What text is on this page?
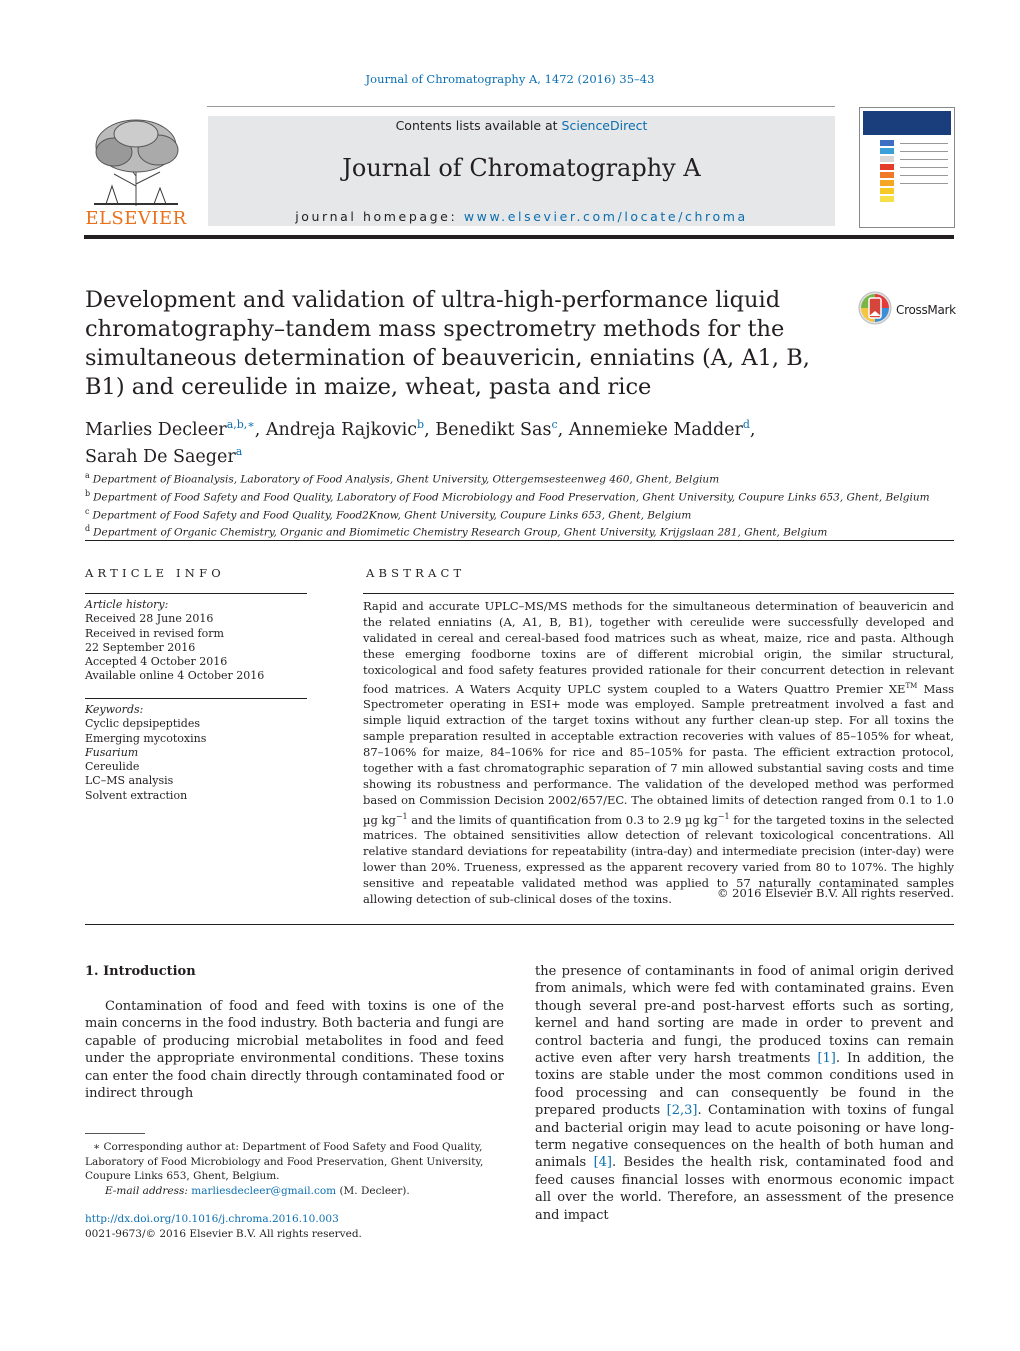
Journal of Chromatography A, 1472 (2016) 35–43
ELSEVIER
Contents lists available at ScienceDirect
Journal of Chromatography A
journal homepage: www.elsevier.com/locate/chroma
Development and validation of ultra-high-performance liquid chromatography–tandem mass spectrometry methods for the simultaneous determination of beauvericin, enniatins (A, A1, B, B1) and cereulide in maize, wheat, pasta and rice
CrossMark
Marlies Decleer$^{a,b,∗}$, Andreja Rajkovic$^b$, Benedikt Sas$^c$, Annemieke Madder$^d$,
Sarah De Saeger$^a$
$^a$ Department of Bioanalysis, Laboratory of Food Analysis, Ghent University, Ottergemsesteenweg 460, Ghent, Belgium
$^b$ Department of Food Safety and Food Quality, Laboratory of Food Microbiology and Food Preservation, Ghent University, Coupure Links 653, Ghent, Belgium
$^c$ Department of Food Safety and Food Quality, Food2Know, Ghent University, Coupure Links 653, Ghent, Belgium
$^d$ Department of Organic Chemistry, Organic and Biomimetic Chemistry Research Group, Ghent University, Krijgslaan 281, Ghent, Belgium
ARTICLE INFO
Article history:
Received 28 June 2016
Received in revised form
22 September 2016
Accepted 4 October 2016
Available online 4 October 2016
Keywords:
Cyclic depsipeptides
Emerging mycotoxins
Fusarium
Cereulide
LC–MS analysis
Solvent extraction
ABSTRACT
Rapid and accurate UPLC–MS/MS methods for the simultaneous determination of beauvericin and the related enniatins (A, A1, B, B1), together with cereulide were successfully developed and validated in cereal and cereal-based food matrices such as wheat, maize, rice and pasta. Although these emerging foodborne toxins are of different microbial origin, the similar structural, toxicological and food safety features provided rationale for their concurrent detection in relevant food matrices. A Waters Acquity UPLC system coupled to a Waters Quattro Premier XE™ Mass Spectrometer operating in ESI+ mode was employed. Sample pretreatment involved a fast and simple liquid extraction of the target toxins without any further clean-up step. For all toxins the sample preparation resulted in acceptable extraction recoveries with values of 85–105% for wheat, 87–106% for maize, 84–106% for rice and 85–105% for pasta. The efficient extraction protocol, together with a fast chromatographic separation of 7 min allowed substantial saving costs and time showing its robustness and performance. The validation of the developed method was performed based on Commission Decision 2002/657/EC. The obtained limits of detection ranged from 0.1 to 1.0 µg $kg^{-1}$ and the limits of quantification from 0.3 to 2.9 µg $kg^{-1}$ for the targeted toxins in the selected matrices. The obtained sensitivities allow detection of relevant toxicological concentrations. All relative standard deviations for repeatability (intra-day) and intermediate precision (inter-day) were lower than 20%. Trueness, expressed as the apparent recovery varied from 80 to 107%. The highly sensitive and repeatable validated method was applied to 57 naturally contaminated samples allowing detection of sub-clinical doses of the toxins.	© 2016 Elsevier B.V. All rights reserved.
1. Introduction
Contamination of food and feed with toxins is one of the main concerns in the food industry. Both bacteria and fungi are capable of producing microbial metabolites in food and feed under the appropriate environmental conditions. These toxins can enter the food chain directly through contaminated food or indirect through
the presence of contaminants in food of animal origin derived from animals, which were fed with contaminated grains. Even though several pre-and post-harvest efforts such as sorting, kernel and hand sorting are made in order to prevent and control bacteria and fungi, the produced toxins can remain active even after very harsh treatments [1]. In addition, the toxins are stable under the most common conditions used in food processing and can consequently be found in the prepared products [2,3]. Contamination with toxins of fungal and bacterial origin may lead to acute poisoning or have long-term negative consequences on the health of both human and animals [4]. Besides the health risk, contaminated food and feed causes financial losses with enormous economic impact all over the world. Therefore, an assessment of the presence and impact
∗ Corresponding author at: Department of Food Safety and Food Quality, Laboratory of Food Microbiology and Food Preservation, Ghent University, Coupure Links 653, Ghent, Belgium.
E-mail address: marliesdecleer@gmail.com (M. Decleer).
http://dx.doi.org/10.1016/j.chroma.2016.10.003
0021-9673/© 2016 Elsevier B.V. All rights reserved.
